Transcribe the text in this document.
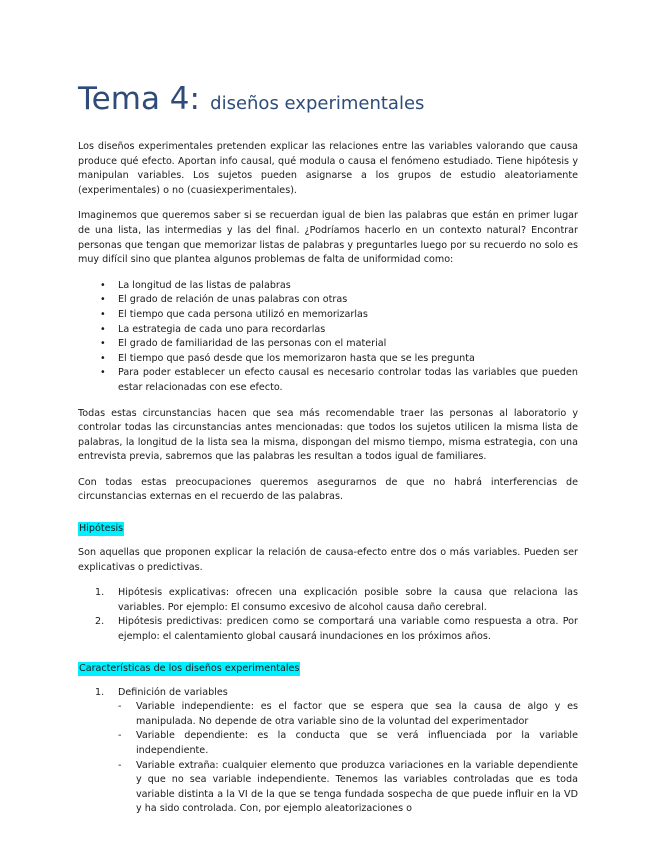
Tema 4: diseños experimentales

Los diseños experimentales pretenden explicar las relaciones entre las variables valorando que causa produce qué efecto. Aportan info causal, qué modula o causa el fenómeno estudiado. Tiene hipótesis y manipulan variables. Los sujetos pueden asignarse a los grupos de estudio aleatoriamente (experimentales) o no (cuasiexperimentales).

Imaginemos que queremos saber si se recuerdan igual de bien las palabras que están en primer lugar de una lista, las intermedias y las del final. ¿Podríamos hacerlo en un contexto natural? Encontrar personas que tengan que memorizar listas de palabras y preguntarles luego por su recuerdo no solo es muy difícil sino que plantea algunos problemas de falta de uniformidad como:

• La longitud de las listas de palabras
• El grado de relación de unas palabras con otras
• El tiempo que cada persona utilizó en memorizarlas
• La estrategia de cada uno para recordarlas
• El grado de familiaridad de las personas con el material
• El tiempo que pasó desde que los memorizaron hasta que se les pregunta
• Para poder establecer un efecto causal es necesario controlar todas las variables que pueden estar relacionadas con ese efecto.

Todas estas circunstancias hacen que sea más recomendable traer las personas al laboratorio y controlar todas las circunstancias antes mencionadas: que todos los sujetos utilicen la misma lista de palabras, la longitud de la lista sea la misma, dispongan del mismo tiempo, misma estrategia, con una entrevista previa, sabremos que las palabras les resultan a todos igual de familiares.

Con todas estas preocupaciones queremos asegurarnos de que no habrá interferencias de circunstancias externas en el recuerdo de las palabras.

Hipótesis

Son aquellas que proponen explicar la relación de causa-efecto entre dos o más variables. Pueden ser explicativas o predictivas.

1. Hipótesis explicativas: ofrecen una explicación posible sobre la causa que relaciona las variables. Por ejemplo: El consumo excesivo de alcohol causa daño cerebral.
2. Hipótesis predictivas: predicen como se comportará una variable como respuesta a otra. Por ejemplo: el calentamiento global causará inundaciones en los próximos años.
Características de los diseños experimentales
1. Definición de variables
- Variable independiente: es el factor que se espera que sea la causa de algo y es manipulada. No depende de otra variable sino de la voluntad del experimentador
- Variable dependiente: es la conducta que se verá influenciada por la variable independiente.
- Variable extraña: cualquier elemento que produzca variaciones en la variable dependiente y que no sea variable independiente. Tenemos las variables controladas que es toda variable distinta a la VI de la que se tenga fundada sospecha de que puede influir en la VD y ha sido controlada. Con, por ejemplo aleatorizaciones o
